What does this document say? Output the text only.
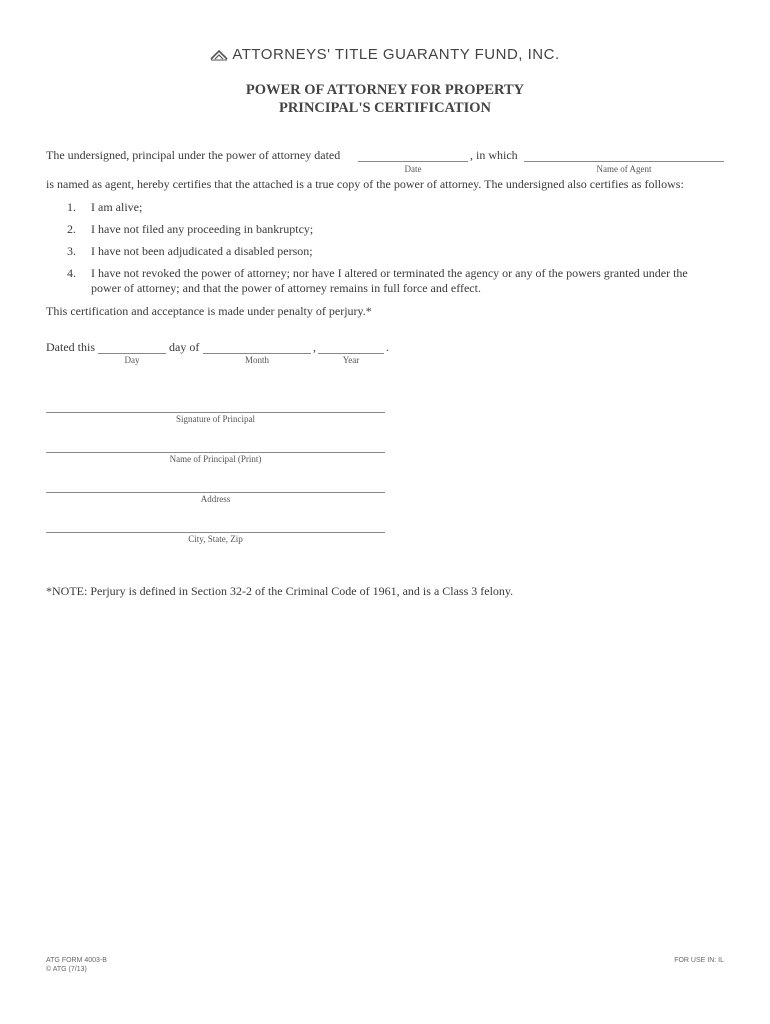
ATTORNEYS' TITLE GUARANTY FUND, INC.
POWER OF ATTORNEY FOR PROPERTY
PRINCIPAL'S CERTIFICATION
The undersigned, principal under the power of attorney dated	, in which
Date	Name of Agent
is named as agent, hereby certifies that the attached is a true copy of the power of attorney. The undersigned also certifies as follows:
1. I am alive;
2. I have not filed any proceeding in bankruptcy;
3. I have not been adjudicated a disabled person;
4. I have not revoked the power of attorney; nor have I altered or terminated the agency or any of the powers granted under the
power of attorney; and that the power of attorney remains in full force and effect.
This certification and acceptance is made under penalty of perjury.*
Dated this	day of	,	.
Day	Month	Year
Signature of Principal
Name of Principal (Print)
Address
City, State, Zip
*NOTE: Perjury is defined in Section 32-2 of the Criminal Code of 1961, and is a Class 3 felony.
ATG FORM 4003-B
© ATG (7/13)
FOR USE IN: IL
